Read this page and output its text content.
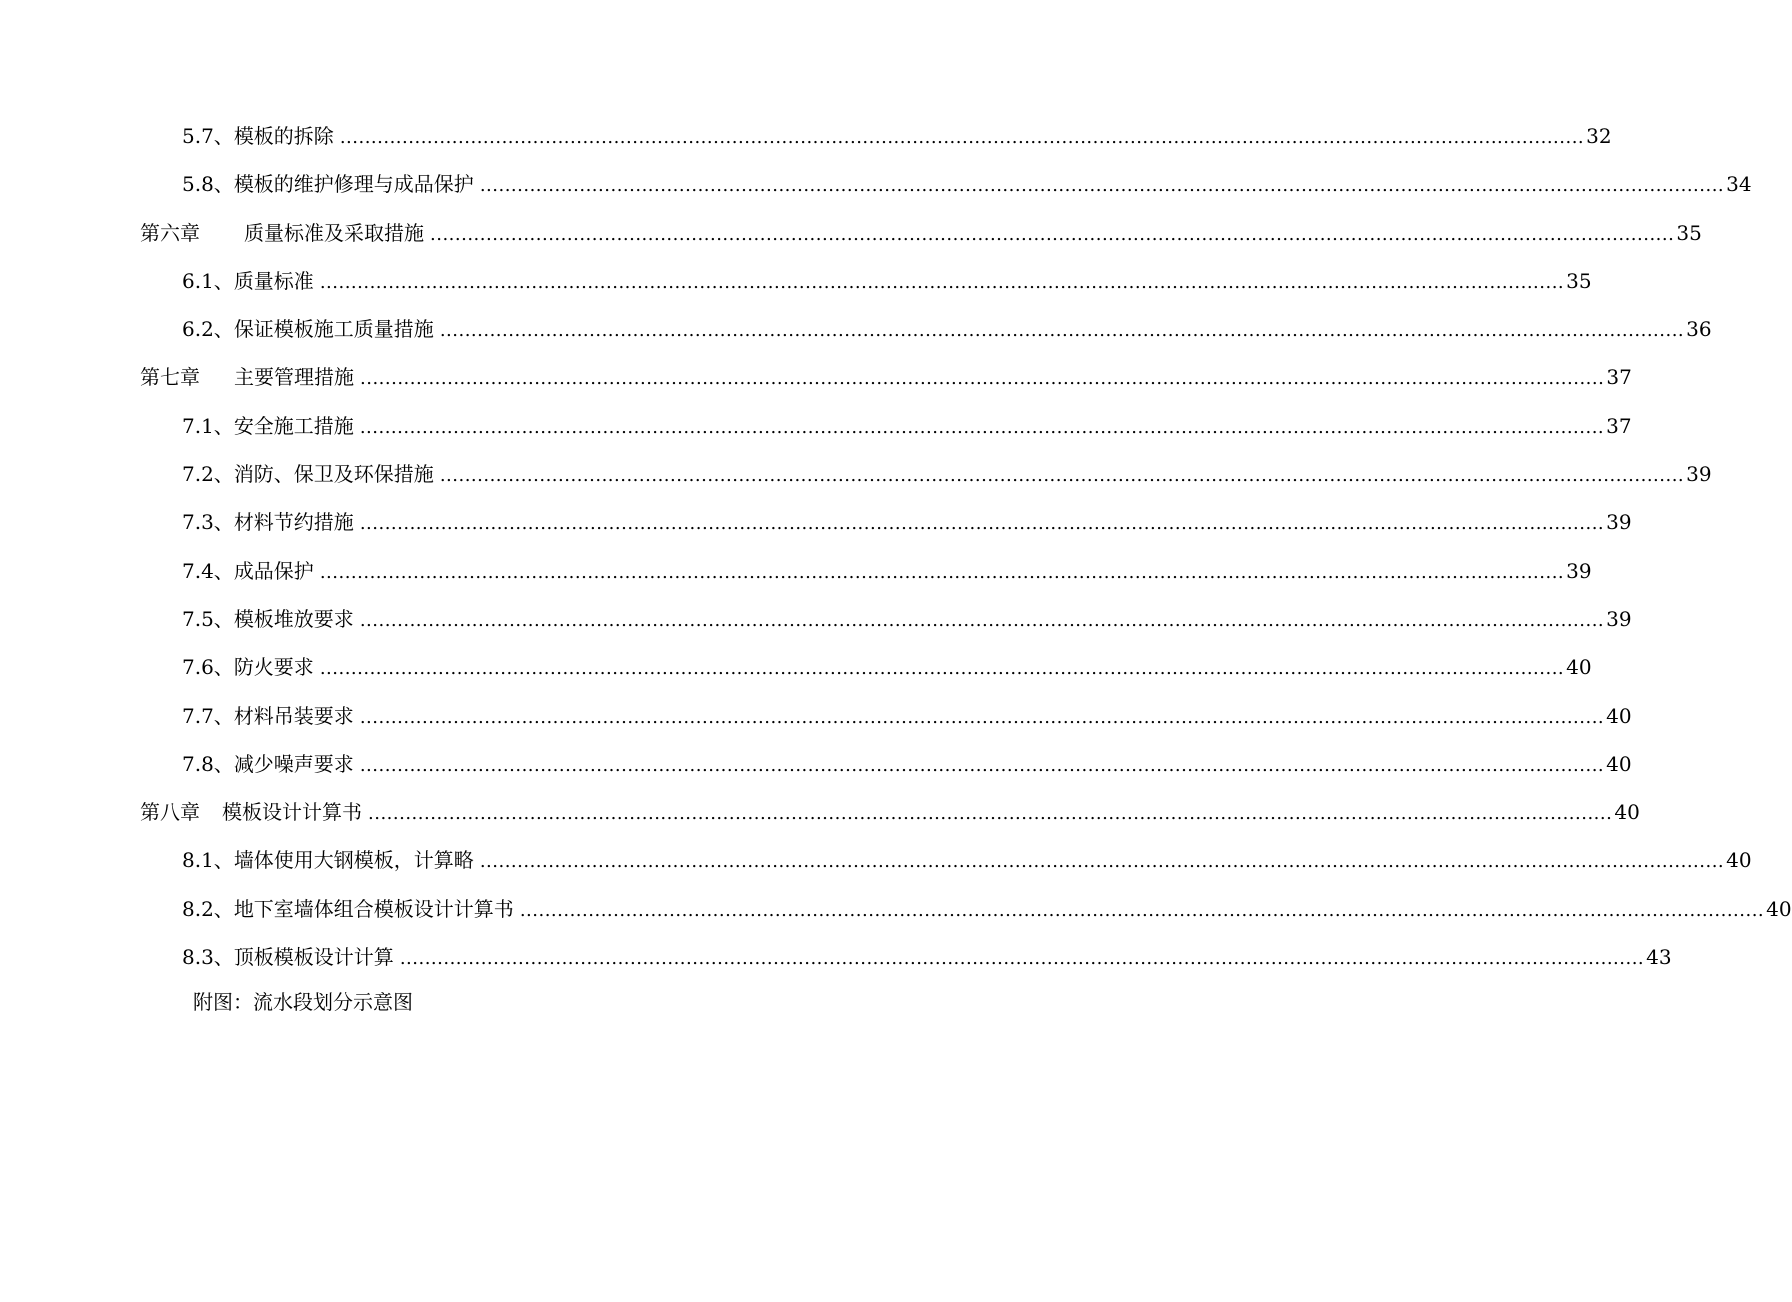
5.7、 模板的拆除 ........................................................................................................................................................................................................ 32
5.8、 模板的维护修理与成品保护 ........................................................................................................................................................................................................ 34
第六章 质量标准及采取措施 ........................................................................................................................................................................................................ 35
6.1、 质量标准 ........................................................................................................................................................................................................ 35
6.2、 保证模板施工质量措施 ........................................................................................................................................................................................................ 36
第七章 主要管理措施 ........................................................................................................................................................................................................ 37
7.1、 安全施工措施 ........................................................................................................................................................................................................ 37
7.2、 消防、保卫及环保措施 ........................................................................................................................................................................................................ 39
7.3、 材料节约措施 ........................................................................................................................................................................................................ 39
7.4、 成品保护 ........................................................................................................................................................................................................ 39
7.5、 模板堆放要求 ........................................................................................................................................................................................................ 39
7.6、 防火要求 ........................................................................................................................................................................................................ 40
7.7、 材料吊装要求 ........................................................................................................................................................................................................ 40
7.8、 减少噪声要求 ........................................................................................................................................................................................................ 40
第八章 模板设计计算书 ........................................................................................................................................................................................................ 40
8.1、 墙体使用大钢模板，计算略 ........................................................................................................................................................................................................ 40
8.2、 地下室墙体组合模板设计计算书 ........................................................................................................................................................................................................ 40
8.3、 顶板模板设计计算 ........................................................................................................................................................................................................ 43
附图：流水段划分示意图
